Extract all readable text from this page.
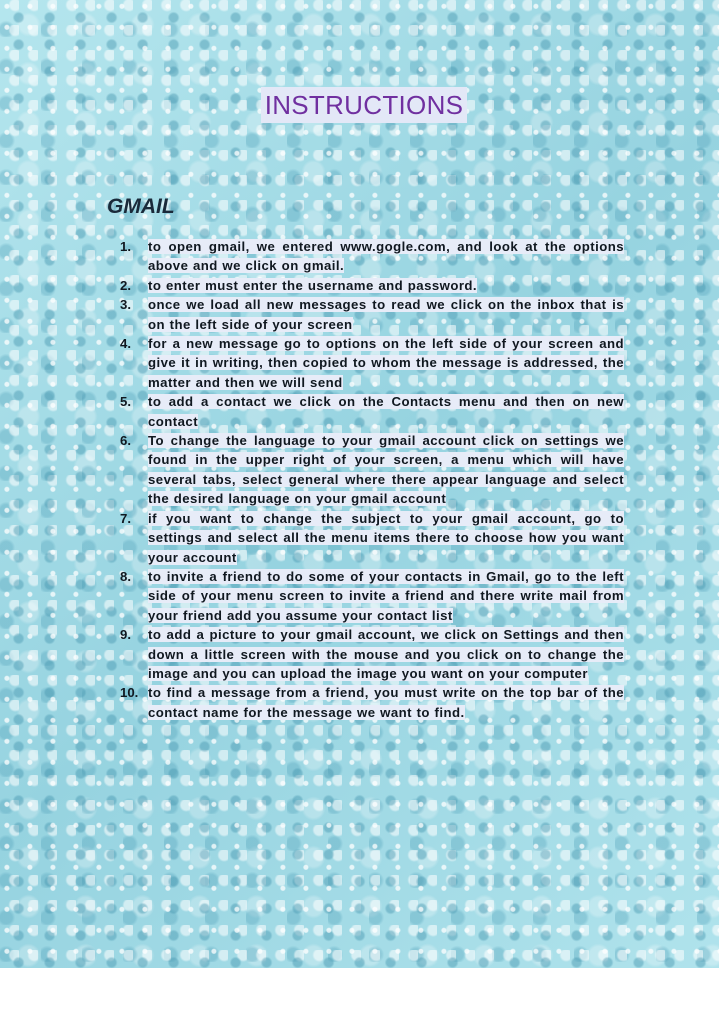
INSTRUCTIONS
GMAIL
1. to open gmail, we entered www.gogle.com, and look at the options above and we click on gmail.
2. to enter must enter the username and password.
3. once we load all new messages to read we click on the inbox that is on the left side of your screen
4. for a new message go to options on the left side of your screen and give it in writing, then copied to whom the message is addressed, the matter and then we will send
5. to add a contact we click on the Contacts menu and then on new contact
6. To change the language to your gmail account click on settings we found in the upper right of your screen, a menu which will have several tabs, select general where there appear language and select the desired language on your gmail account
7. if you want to change the subject to your gmail account, go to settings and select all the menu items there to choose how you want your account
8. to invite a friend to do some of your contacts in Gmail, go to the left side of your menu screen to invite a friend and there write mail from your friend add you assume your contact list
9. to add a picture to your gmail account, we click on Settings and then down a little screen with the mouse and you click on to change the image and you can upload the image you want on your computer
10. to find a message from a friend, you must write on the top bar of the contact name for the message we want to find.
